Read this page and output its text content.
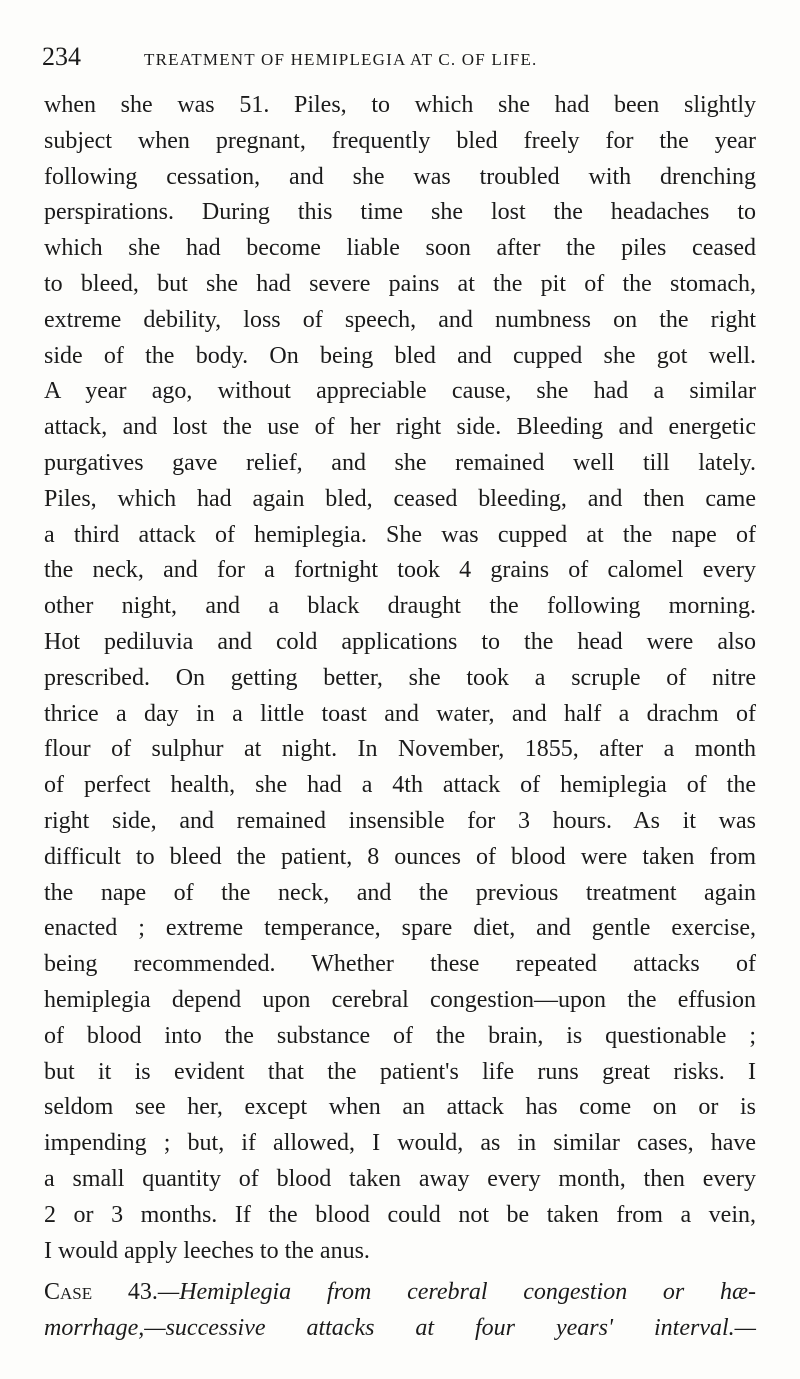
234	TREATMENT OF HEMIPLEGIA AT C. OF LIFE.
when she was 51. Piles, to which she had been slightly
subject when pregnant, frequently bled freely for the year
following cessation, and she was troubled with drenching
perspirations. During this time she lost the headaches to
which she had become liable soon after the piles ceased
to bleed, but she had severe pains at the pit of the stomach,
extreme debility, loss of speech, and numbness on the right
side of the body. On being bled and cupped she got well.
A year ago, without appreciable cause, she had a similar
attack, and lost the use of her right side. Bleeding and energetic
purgatives gave relief, and she remained well till lately.
Piles, which had again bled, ceased bleeding, and then came
a third attack of hemiplegia. She was cupped at the nape of
the neck, and for a fortnight took 4 grains of calomel every
other night, and a black draught the following morning.
Hot pediluvia and cold applications to the head were also
prescribed. On getting better, she took a scruple of nitre
thrice a day in a little toast and water, and half a drachm of
flour of sulphur at night. In November, 1855, after a month
of perfect health, she had a 4th attack of hemiplegia of the
right side, and remained insensible for 3 hours. As it was
difficult to bleed the patient, 8 ounces of blood were taken from
the nape of the neck, and the previous treatment again
enacted ; extreme temperance, spare diet, and gentle exercise,
being recommended. Whether these repeated attacks of
hemiplegia depend upon cerebral congestion—upon the effusion
of blood into the substance of the brain, is questionable ;
but it is evident that the patient's life runs great risks. I
seldom see her, except when an attack has come on or is
impending ; but, if allowed, I would, as in similar cases, have
a small quantity of blood taken away every month, then every
2 or 3 months. If the blood could not be taken from a vein,
I would apply leeches to the anus.
Case 43.—Hemiplegia from cerebral congestion or hæ-
morrhage,—successive attacks at four years' interval.—
